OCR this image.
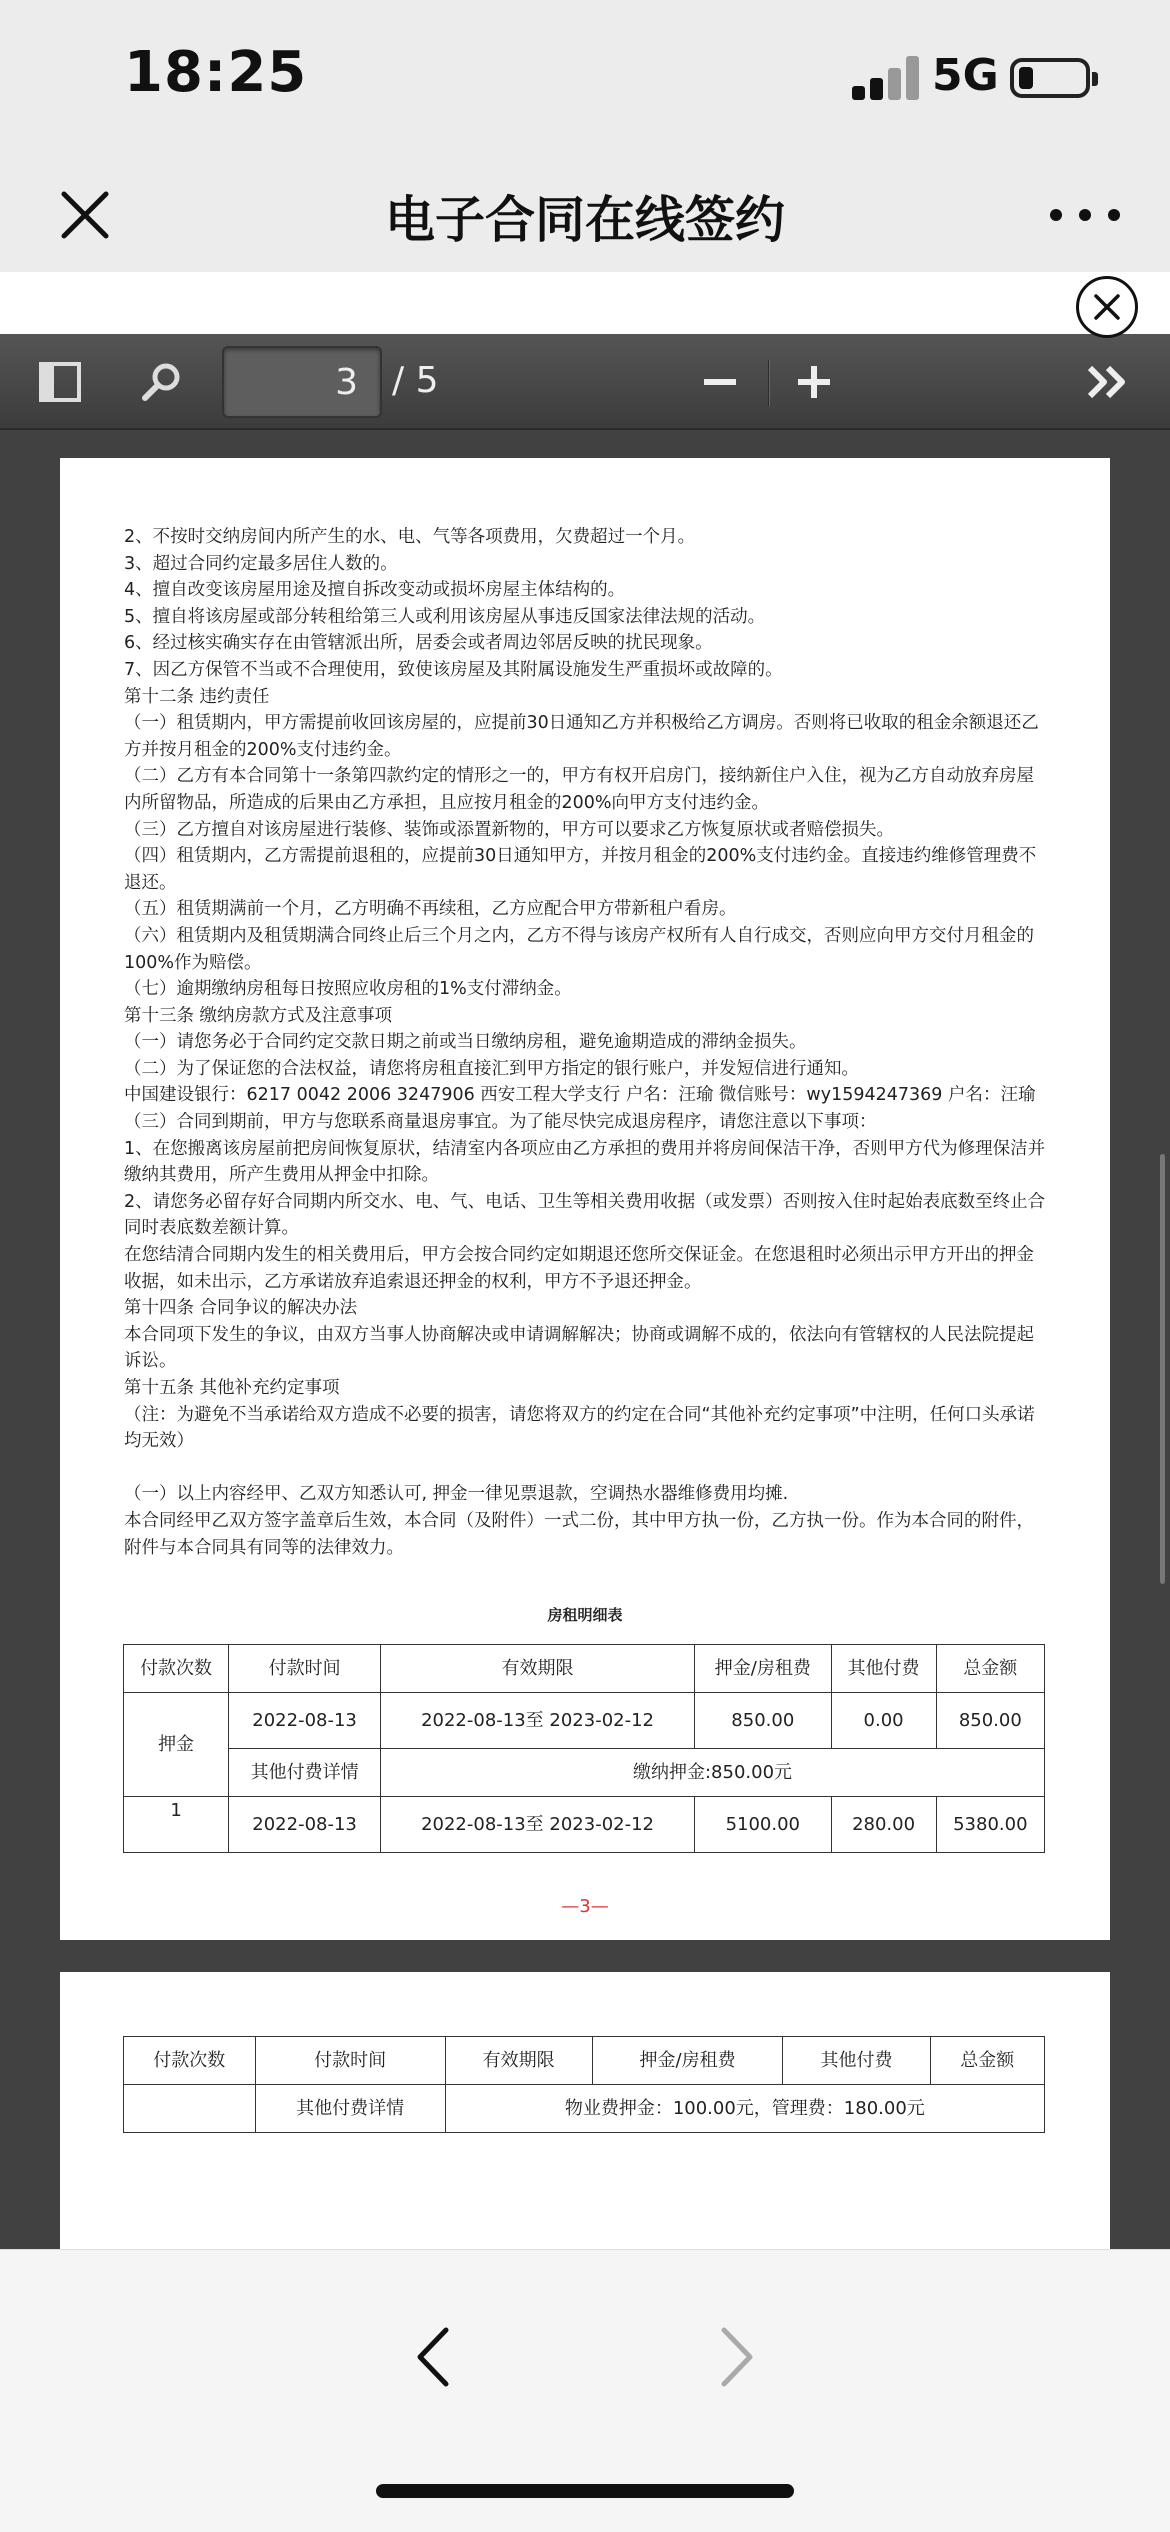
18:25	5G
电子合同在线签约
3 / 5

2、不按时交纳房间内所产生的水、电、气等各项费用，欠费超过一个月。

3、超过合同约定最多居住人数的。

4、擅自改变该房屋用途及擅自拆改变动或损坏房屋主体结构的。

5、擅自将该房屋或部分转租给第三人或利用该房屋从事违反国家法律法规的活动。

6、经过核实确实存在由管辖派出所，居委会或者周边邻居反映的扰民现象。

7、因乙方保管不当或不合理使用，致使该房屋及其附属设施发生严重损坏或故障的。

第十二条 违约责任

（一）租赁期内，甲方需提前收回该房屋的，应提前30日通知乙方并积极给乙方调房。否则将已收取的租金余额退还乙方并按月租金的200%支付违约金。

（二）乙方有本合同第十一条第四款约定的情形之一的，甲方有权开启房门，接纳新住户入住，视为乙方自动放弃房屋内所留物品，所造成的后果由乙方承担，且应按月租金的200%向甲方支付违约金。

（三）乙方擅自对该房屋进行装修、装饰或添置新物的，甲方可以要求乙方恢复原状或者赔偿损失。

（四）租赁期内，乙方需提前退租的，应提前30日通知甲方，并按月租金的200%支付违约金。直接违约维修管理费不退还。

（五）租赁期满前一个月，乙方明确不再续租，乙方应配合甲方带新租户看房。

（六）租赁期内及租赁期满合同终止后三个月之内，乙方不得与该房产权所有人自行成交，否则应向甲方交付月租金的100%作为赔偿。

（七）逾期缴纳房租每日按照应收房租的1%支付滞纳金。

第十三条 缴纳房款方式及注意事项

（一）请您务必于合同约定交款日期之前或当日缴纳房租，避免逾期造成的滞纳金损失。

（二）为了保证您的合法权益，请您将房租直接汇到甲方指定的银行账户，并发短信进行通知。

中国建设银行：6217 0042 2006 3247906 西安工程大学支行 户名：汪瑜 微信账号：wy1594247369 户名：汪瑜

（三）合同到期前，甲方与您联系商量退房事宜。为了能尽快完成退房程序，请您注意以下事项：

1、在您搬离该房屋前把房间恢复原状，结清室内各项应由乙方承担的费用并将房间保洁干净，否则甲方代为修理保洁并缴纳其费用，所产生费用从押金中扣除。

2、请您务必留存好合同期内所交水、电、气、电话、卫生等相关费用收据（或发票）否则按入住时起始表底数至终止合同时表底数差额计算。

在您结清合同期内发生的相关费用后，甲方会按合同约定如期退还您所交保证金。在您退租时必须出示甲方开出的押金收据，如未出示，乙方承诺放弃追索退还押金的权利，甲方不予退还押金。

第十四条 合同争议的解决办法

本合同项下发生的争议，由双方当事人协商解决或申请调解解决；协商或调解不成的，依法向有管辖权的人民法院提起诉讼。

第十五条 其他补充约定事项

（注：为避免不当承诺给双方造成不必要的损害，请您将双方的约定在合同“其他补充约定事项”中注明，任何口头承诺均无效）

（一）以上内容经甲、乙双方知悉认可, 押金一律见票退款，空调热水器维修费用均摊.

本合同经甲乙双方签字盖章后生效，本合同（及附件）一式二份，其中甲方执一份，乙方执一份。作为本合同的附件，附件与本合同具有同等的法律效力。

房租明细表
付款次数	付款时间	有效期限	押金/房租费	其他付费	总金额
押金	2022-08-13	2022-08-13至 2023-02-12	850.00	0.00	850.00
	其他付费详情	缴纳押金:850.00元			
1	2022-08-13	2022-08-13至 2023-02-12	5100.00	280.00	5380.00
—3—
付款次数	付款时间	有效期限	押金/房租费	其他付费	总金额
	其他付费详情	物业费押金：100.00元，管理费：180.00元			
